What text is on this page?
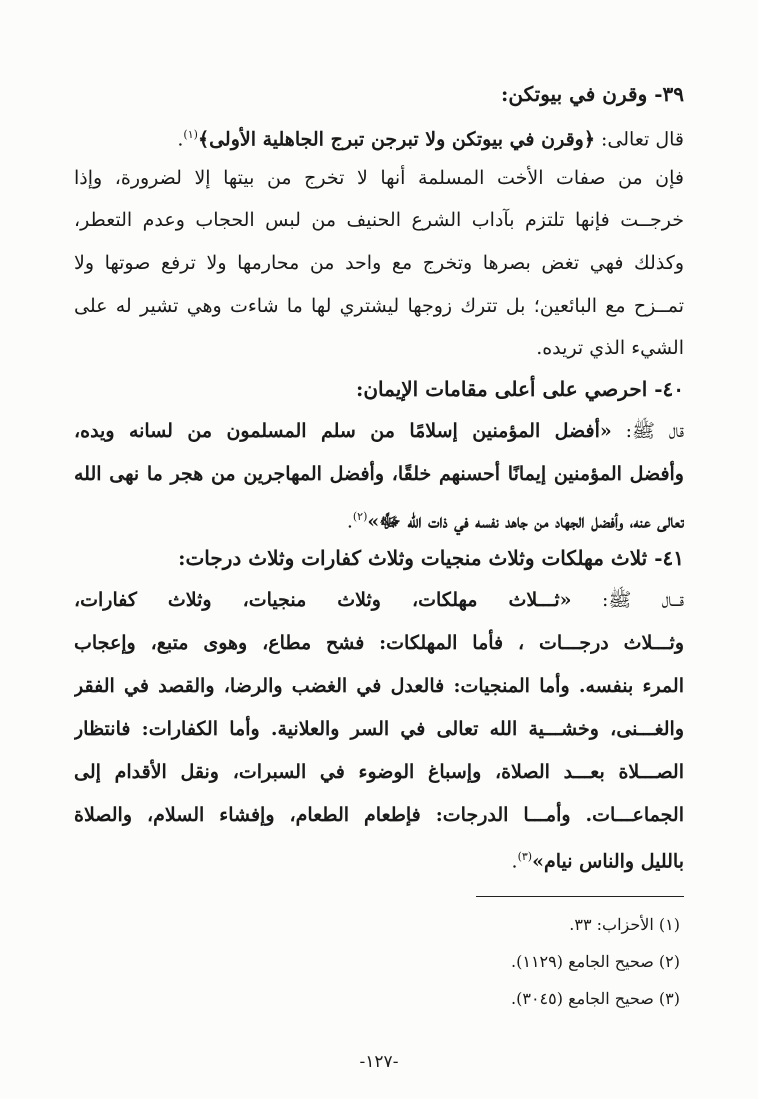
٣٩- وقرن في بيوتكن:
قال تعالى: ﴿وقرن في بيوتكن ولا تبرجن تبرج الجاهلية الأولى﴾$^{(١)}$.
فإن من صفات الأخت المسلمة أنها لا تخرج من بيتها إلا لضرورة، وإذا
خرجــت فإنها تلتزم بآداب الشرع الحنيف من لبس الحجاب وعدم التعطر،
وكذلك فهي تغض بصرها وتخرج مع واحد من محارمها ولا ترفع صوتها ولا
تمــزح مع البائعين؛ بل تترك زوجها ليشتري لها ما شاءت وهي تشير له على
الشيء الذي تريده.
٤٠- احرصي على أعلى مقامات الإيمان:
قال ﷺ: «أفضل المؤمنين إسلامًا من سلم المسلمون من لسانه ويده،
وأفضل المؤمنين إيمانًا أحسنهم خلقًا، وأفضل المهاجرين من هجر ما نهى الله
تعالى عنه، وأفضل الجهاد من جاهد نفسه في ذات الله ﷻ»$^{(٢)}$.
٤١- ثلاث مهلكات وثلاث منجيات وثلاث كفارات وثلاث درجات:
قـــال ﷺ: «ثـــلاث مهلكات، وثلاث منجيات، وثلاث كفارات،
وثـــلاث درجـــات ، فأما المهلكات: فشح مطاع، وهوى متبع، وإعجاب
المرء بنفسه. وأما المنجيات: فالعدل في الغضب والرضا، والقصد في الفقر
والغـــنى، وخشـــية الله تعالى في السر والعلانية. وأما الكفارات: فانتظار
الصـــلاة بعـــد الصلاة، وإسباغ الوضوء في السبرات، ونقل الأقدام إلى
الجماعـــات. وأمـــا الدرجات: فإطعام الطعام، وإفشاء السلام، والصلاة
بالليل والناس نيام»$^{(٣)}$.
(١) الأحزاب: ٣٣.
(٢) صحيح الجامع (١١٢٩).
(٣) صحيح الجامع (٣٠٤٥).
-١٢٧-
